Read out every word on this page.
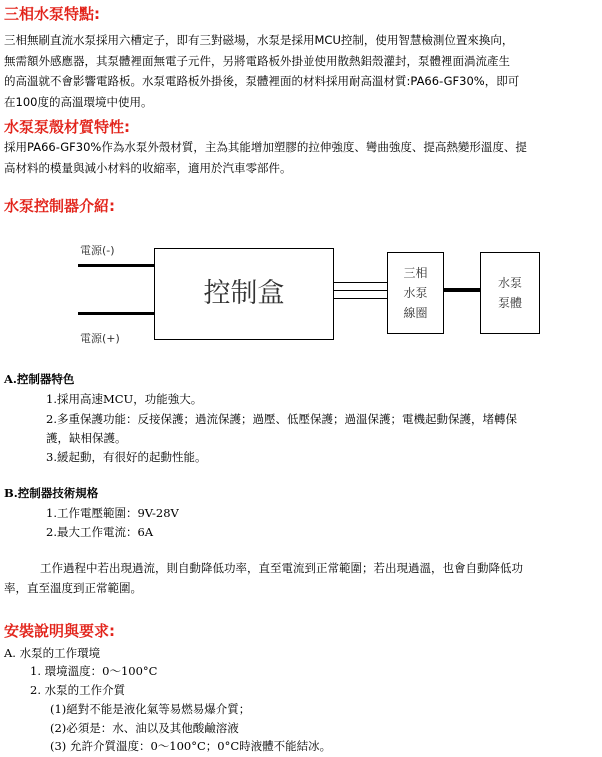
三相水泵特點:
三相無刷直流水泵採用六槽定子，即有三對磁場，水泵是採用MCU控制，使用智慧檢測位置來換向，
無需額外感應器，其泵體裡面無電子元件，另將電路板外掛並使用散熱鋁殼灌封，泵體裡面渦流產生
的高溫就不會影響電路板。水泵電路板外掛後，泵體裡面的材料採用耐高溫材質:PA66-GF30%，即可
在100度的高溫環境中使用。
水泵泵殼材質特性:
採用PA66-GF30%作為水泵外殼材質，主為其能增加塑膠的拉伸強度、彎曲強度、提高熱變形溫度、提
高材料的模量與減小材料的收縮率，適用於汽車零部件。
水泵控制器介紹:
電源(-)
電源(+)
控制盒
三相
水泵
線圈
水泵
泵體
A.控制器特色
1.採用高速MCU，功能強大。
2.多重保護功能：反接保護；過流保護；過壓、低壓保護；過溫保護；電機起動保護，堵轉保
護，缺相保護。
3.緩起動，有很好的起動性能。
B.控制器技術規格
1.工作電壓範圍：9V-28V
2.最大工作電流：6A
工作過程中若出現過流，則自動降低功率，直至電流到正常範圍；若出現過溫，也會自動降低功
率，直至溫度到正常範圍。
安裝說明與要求:
A. 水泵的工作環境
1. 環境溫度：0～100°C
2. 水泵的工作介質
(1)絕對不能是液化氣等易燃易爆介質；
(2)必須是：水、油以及其他酸鹼溶液
(3) 允許介質溫度：0～100°C；0°C時液體不能結冰。
